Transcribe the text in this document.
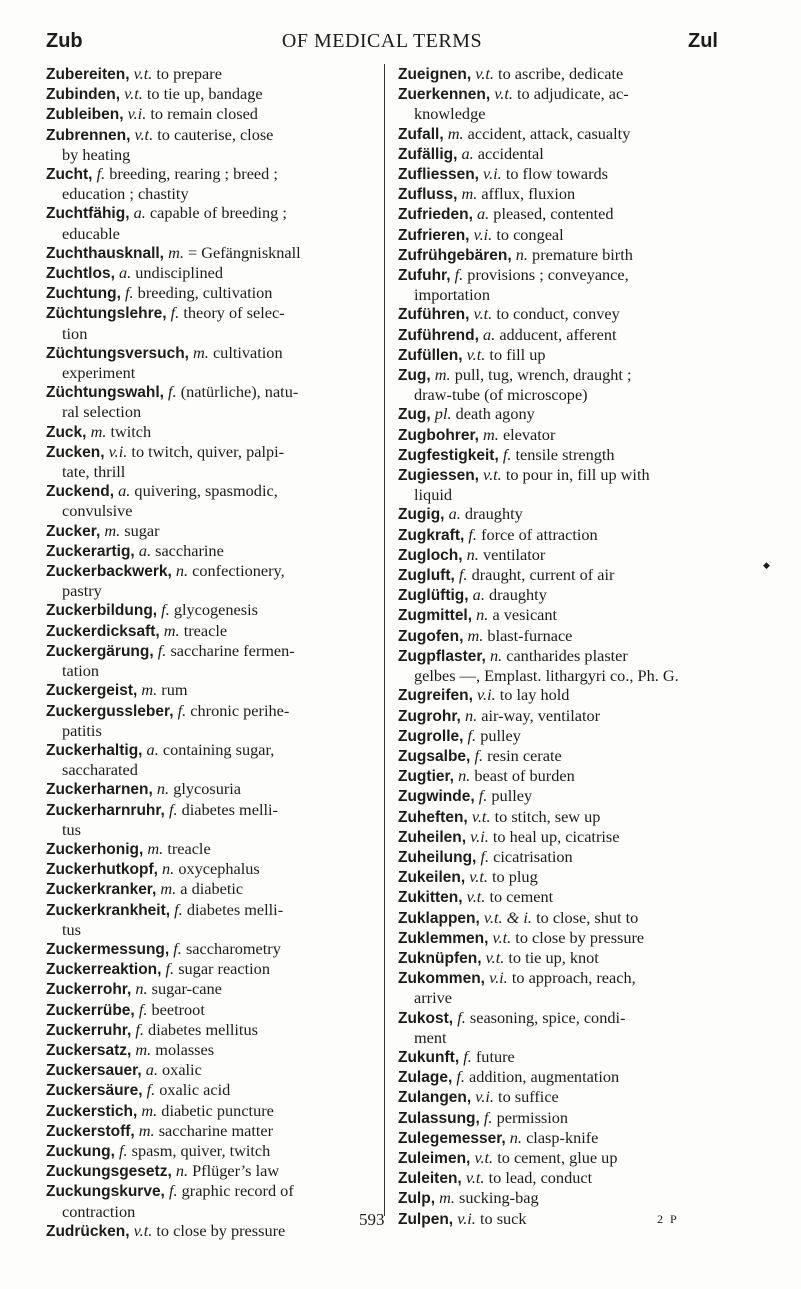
Zub	OF MEDICAL TERMS	Zul
Zubereiten, v.t. to prepare
Zubinden, v.t. to tie up, bandage
Zubleiben, v.i. to remain closed
Zubrennen, v.t. to cauterise, close
by heating
Zucht, f. breeding, rearing ; breed ;
education ; chastity
Zuchtfähig, a. capable of breeding ;
educable
Zuchthausknall, m. = Gefängnisknall
Zuchtlos, a. undisciplined
Zuchtung, f. breeding, cultivation
Züchtungslehre, f. theory of selec-
tion
Züchtungsversuch, m. cultivation
experiment
Züchtungswahl, f. (natürliche), natu-
ral selection
Zuck, m. twitch
Zucken, v.i. to twitch, quiver, palpi-
tate, thrill
Zuckend, a. quivering, spasmodic,
convulsive
Zucker, m. sugar
Zuckerartig, a. saccharine
Zuckerbackwerk, n. confectionery,
pastry
Zuckerbildung, f. glycogenesis
Zuckerdicksaft, m. treacle
Zuckergärung, f. saccharine fermen-
tation
Zuckergeist, m. rum
Zuckergussleber, f. chronic perihe-
patitis
Zuckerhaltig, a. containing sugar,
saccharated
Zuckerharnen, n. glycosuria
Zuckerharnruhr, f. diabetes melli-
tus
Zuckerhonig, m. treacle
Zuckerhutkopf, n. oxycephalus
Zuckerkranker, m. a diabetic
Zuckerkrankheit, f. diabetes melli-
tus
Zuckermessung, f. saccharometry
Zuckerreaktion, f. sugar reaction
Zuckerrohr, n. sugar-cane
Zuckerrübe, f. beetroot
Zuckerruhr, f. diabetes mellitus
Zuckersatz, m. molasses
Zuckersauer, a. oxalic
Zuckersäure, f. oxalic acid
Zuckerstich, m. diabetic puncture
Zuckerstoff, m. saccharine matter
Zuckung, f. spasm, quiver, twitch
Zuckungsgesetz, n. Pflüger’s law
Zuckungskurve, f. graphic record of
contraction
Zudrücken, v.t. to close by pressure
Zueignen, v.t. to ascribe, dedicate
Zuerkennen, v.t. to adjudicate, ac-
knowledge
Zufall, m. accident, attack, casualty
Zufällig, a. accidental
Zufliessen, v.i. to flow towards
Zufluss, m. afflux, fluxion
Zufrieden, a. pleased, contented
Zufrieren, v.i. to congeal
Zufrühgebären, n. premature birth
Zufuhr, f. provisions ; conveyance,
importation
Zuführen, v.t. to conduct, convey
Zuführend, a. adducent, afferent
Zufüllen, v.t. to fill up
Zug, m. pull, tug, wrench, draught ;
draw-tube (of microscope)
Zug, pl. death agony
Zugbohrer, m. elevator
Zugfestigkeit, f. tensile strength
Zugiessen, v.t. to pour in, fill up with
liquid
Zugig, a. draughty
Zugkraft, f. force of attraction
Zugloch, n. ventilator
Zugluft, f. draught, current of air
Zuglüftig, a. draughty
Zugmittel, n. a vesicant
Zugofen, m. blast-furnace
Zugpflaster, n. cantharides plaster
gelbes —, Emplast. lithargyri co., Ph. G.
Zugreifen, v.i. to lay hold
Zugrohr, n. air-way, ventilator
Zugrolle, f. pulley
Zugsalbe, f. resin cerate
Zugtier, n. beast of burden
Zugwinde, f. pulley
Zuheften, v.t. to stitch, sew up
Zuheilen, v.i. to heal up, cicatrise
Zuheilung, f. cicatrisation
Zukeilen, v.t. to plug
Zukitten, v.t. to cement
Zuklappen, v.t. & i. to close, shut to
Zuklemmen, v.t. to close by pressure
Zuknüpfen, v.t. to tie up, knot
Zukommen, v.i. to approach, reach,
arrive
Zukost, f. seasoning, spice, condi-
ment
Zukunft, f. future
Zulage, f. addition, augmentation
Zulangen, v.i. to suffice
Zulassung, f. permission
Zulegemesser, n. clasp-knife
Zuleimen, v.t. to cement, glue up
Zuleiten, v.t. to lead, conduct
Zulp, m. sucking-bag
Zulpen, v.i. to suck
◆
593	2 P
